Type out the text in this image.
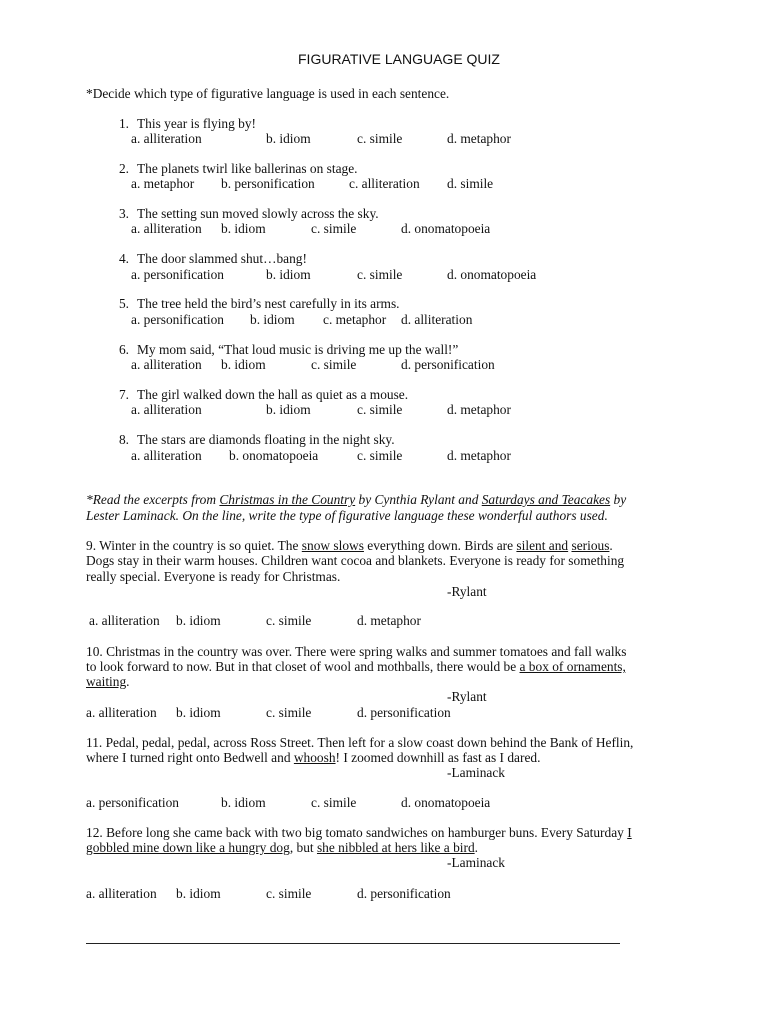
FIGURATIVE LANGUAGE QUIZ
*Decide which type of figurative language is used in each sentence.
1. This year is flying by!
a. alliteration	b. idiom	c. simile	d. metaphor
2. The planets twirl like ballerinas on stage.
a. metaphor b. personification	c. alliteration d. simile
3. The setting sun moved slowly across the sky.
a. alliteration b. idiom	c. simile	d. onomatopoeia
4. The door slammed shut…bang!
a. personification	b. idiom	c. simile	d. onomatopoeia
5. The tree held the bird’s nest carefully in its arms.
a. personification b. idiom c. metaphor d. alliteration
6. My mom said, “That loud music is driving me up the wall!”
a. alliteration b. idiom	c. simile	d. personification
7. The girl walked down the hall as quiet as a mouse.
a. alliteration	b. idiom	c. simile	d. metaphor
8. The stars are diamonds floating in the night sky.
a. alliteration b. onomatopoeia	c. simile	d. metaphor
*Read the excerpts from Christmas in the Country by Cynthia Rylant and Saturdays and Teacakes by
Lester Laminack. On the line, write the type of figurative language these wonderful authors used.
9. Winter in the country is so quiet. The snow slows everything down. Birds are silent and serious.
Dogs stay in their warm houses. Children want cocoa and blankets. Everyone is ready for something
really special. Everyone is ready for Christmas.
-Rylant
a. alliteration b. idiom	c. simile	d. metaphor
10. Christmas in the country was over. There were spring walks and summer tomatoes and fall walks
to look forward to now. But in that closet of wool and mothballs, there would be a box of ornaments,
waiting.
-Rylant
a. alliteration b. idiom	c. simile	d. personification
11. Pedal, pedal, pedal, across Ross Street. Then left for a slow coast down behind the Bank of Heflin,
where I turned right onto Bedwell and whoosh! I zoomed downhill as fast as I dared.
-Laminack
a. personification	b. idiom	c. simile	d. onomatopoeia
12. Before long she came back with two big tomato sandwiches on hamburger buns. Every Saturday I
gobbled mine down like a hungry dog, but she nibbled at hers like a bird.
-Laminack
a. alliteration b. idiom	c. simile	d. personification
